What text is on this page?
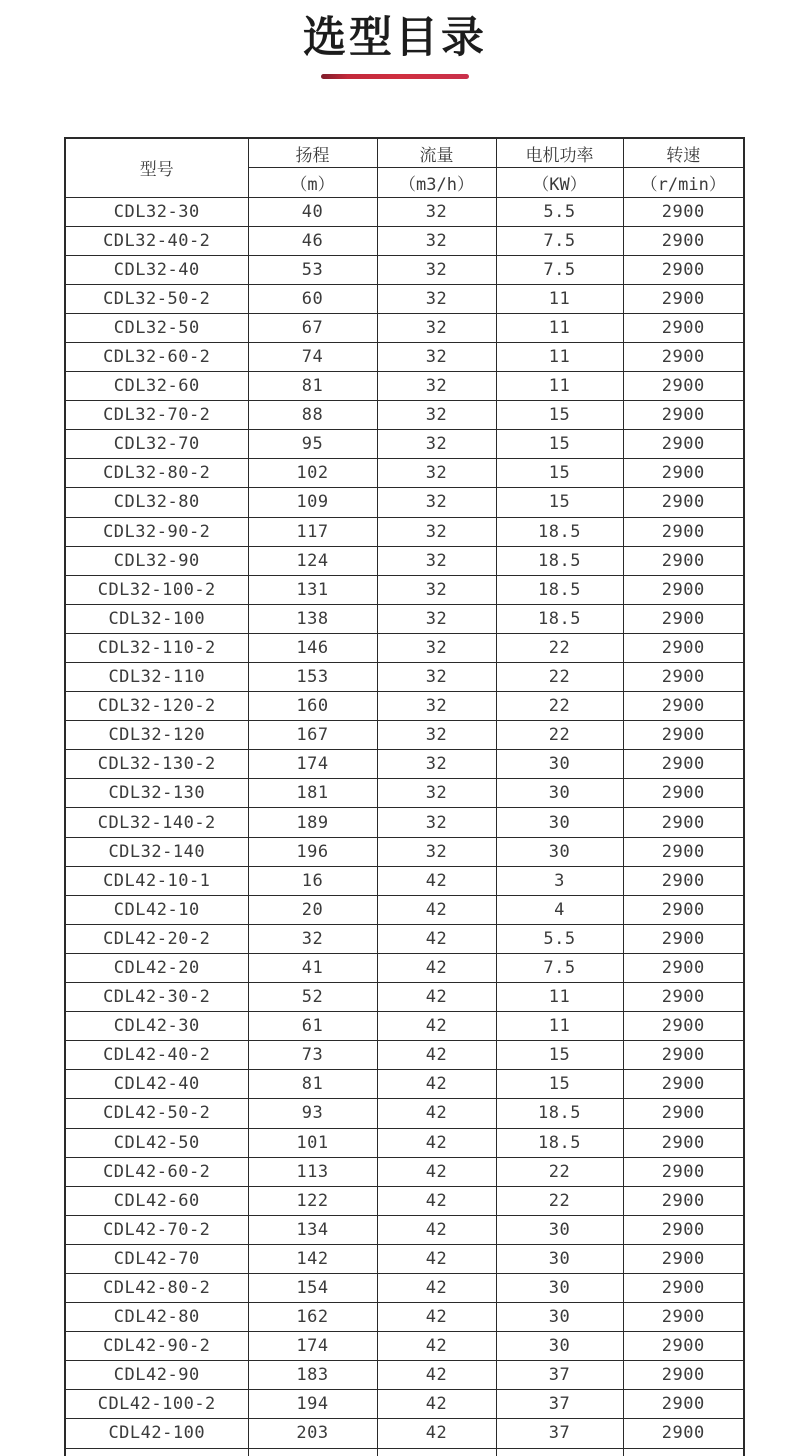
选型目录
型号	扬程	流量	电机功率	转速
	（m）	（m3/h）	（KW）	（r/min）
CDL32-30	40	32	5.5	2900
CDL32-40-2	46	32	7.5	2900
CDL32-40	53	32	7.5	2900
CDL32-50-2	60	32	11	2900
CDL32-50	67	32	11	2900
CDL32-60-2	74	32	11	2900
CDL32-60	81	32	11	2900
CDL32-70-2	88	32	15	2900
CDL32-70	95	32	15	2900
CDL32-80-2	102	32	15	2900
CDL32-80	109	32	15	2900
CDL32-90-2	117	32	18.5	2900
CDL32-90	124	32	18.5	2900
CDL32-100-2	131	32	18.5	2900
CDL32-100	138	32	18.5	2900
CDL32-110-2	146	32	22	2900
CDL32-110	153	32	22	2900
CDL32-120-2	160	32	22	2900
CDL32-120	167	32	22	2900
CDL32-130-2	174	32	30	2900
CDL32-130	181	32	30	2900
CDL32-140-2	189	32	30	2900
CDL32-140	196	32	30	2900
CDL42-10-1	16	42	3	2900
CDL42-10	20	42	4	2900
CDL42-20-2	32	42	5.5	2900
CDL42-20	41	42	7.5	2900
CDL42-30-2	52	42	11	2900
CDL42-30	61	42	11	2900
CDL42-40-2	73	42	15	2900
CDL42-40	81	42	15	2900
CDL42-50-2	93	42	18.5	2900
CDL42-50	101	42	18.5	2900
CDL42-60-2	113	42	22	2900
CDL42-60	122	42	22	2900
CDL42-70-2	134	42	30	2900
CDL42-70	142	42	30	2900
CDL42-80-2	154	42	30	2900
CDL42-80	162	42	30	2900
CDL42-90-2	174	42	30	2900
CDL42-90	183	42	37	2900
CDL42-100-2	194	42	37	2900
CDL42-100	203	42	37	2900
